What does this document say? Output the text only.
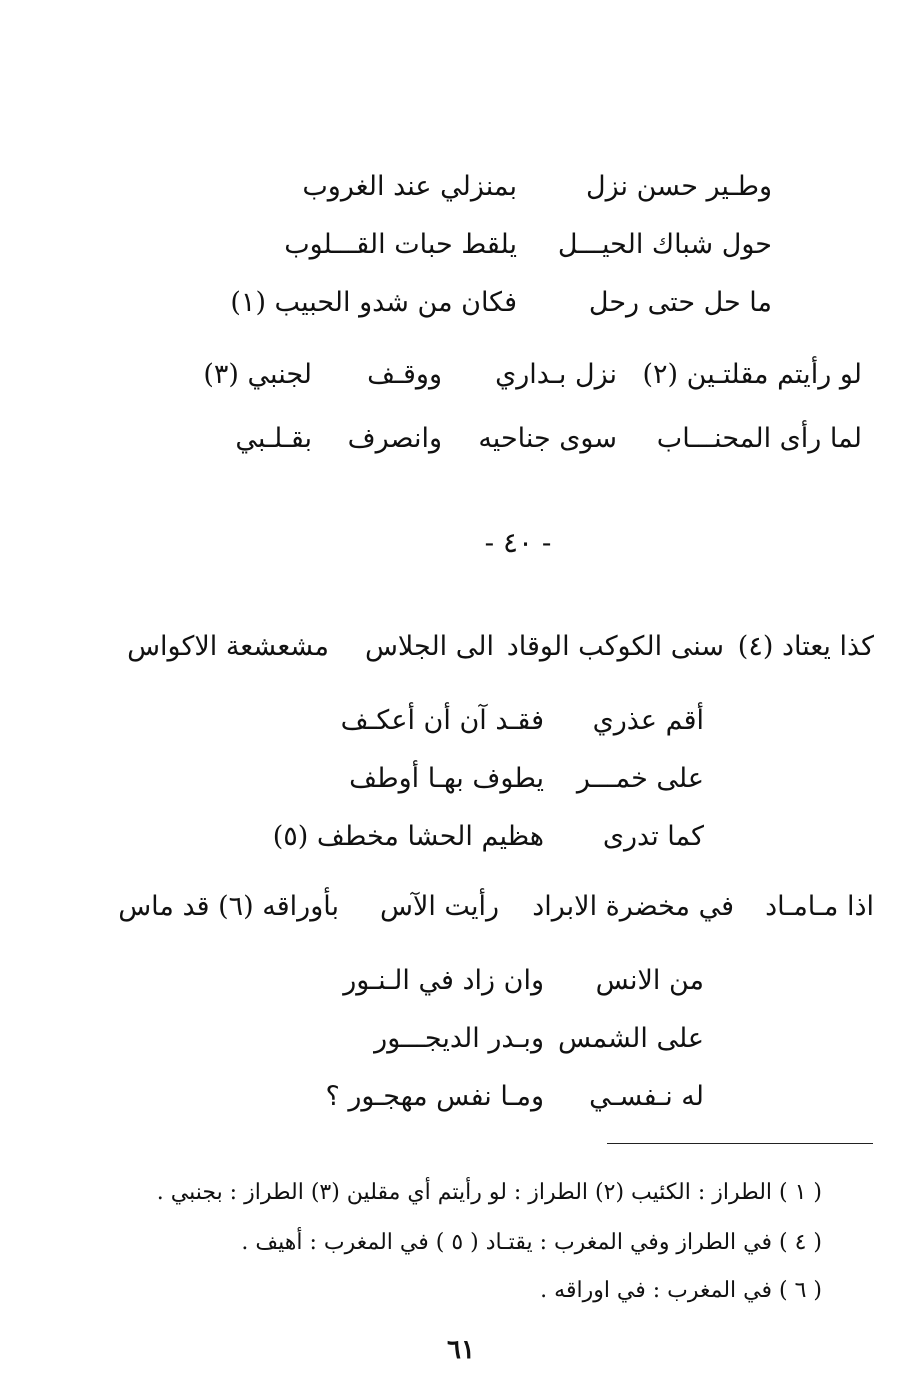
وطـير حسن نزل
بمنزلي عند الغروب
حول شباك الحيـــل
يلقط حبات القـــلوب
ما حل حتى رحل
فكان من شدو الحبيب (١)
لو رأيتم مقلتـين (٢)
نزل بـداري
ووقـف
لجنبي (٣)
لما رأى المحنـــاب
سوى جناحيه
وانصرف
بقـلـبي
- ٤٠ -
كذا يعتاد (٤)
سنى الكوكب الوقاد
الى الجلاس
مشعشعة الاكواس
أقم عذري
فقـد آن أن أعكـف
على خمـــر
يطوف بهـا أوطف
كما تدرى
هظيم الحشا مخطف (٥)
اذا مـامـاد
في مخضرة الابراد
رأيت الآس
بأوراقه (٦) قد ماس
من الانس
وان زاد في الـنـور
على الشمس
وبـدر الديجـــور
له نـفسـي
ومـا نفس مهجـور ؟
( ١ ) الطراز : الكئيب (٢) الطراز : لو رأيتم أي مقلين (٣) الطراز : بجنبي .
( ٤ ) في الطراز وفي المغرب : يقتـاد ( ٥ ) في المغرب : أهيف .
( ٦ ) في المغرب : في اوراقه .
٦١
